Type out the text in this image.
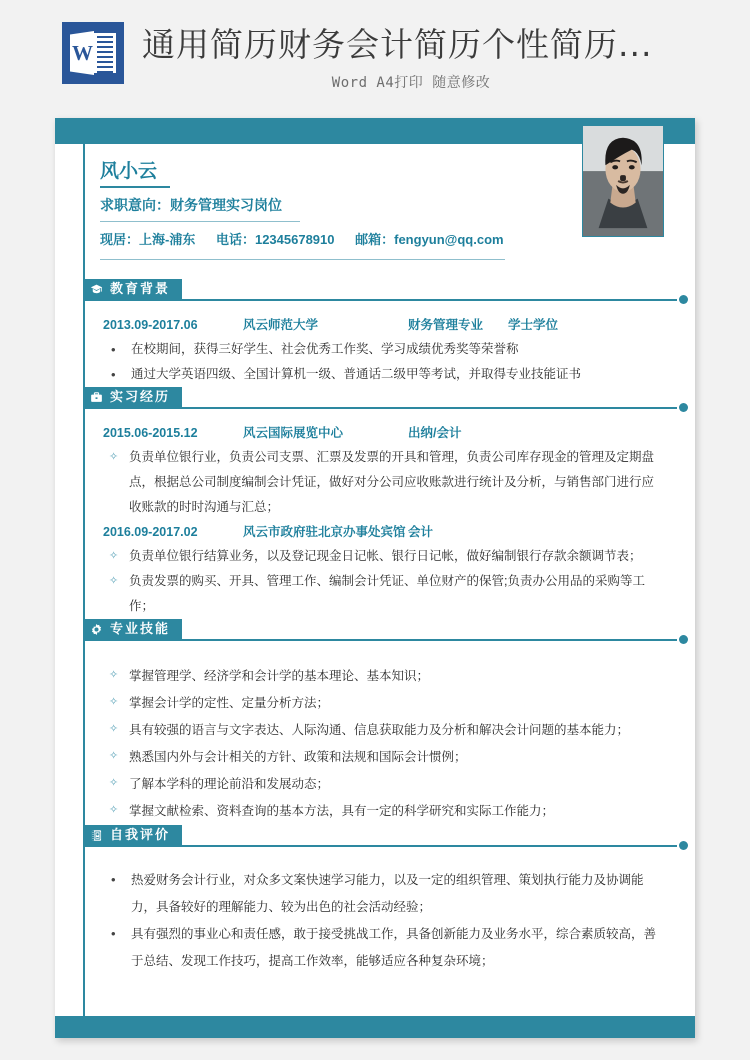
W 通用简历财务会计简历个性简历...
Word A4打印 随意修改
风小云
求职意向：财务管理实习岗位
现居：上海-浦东 电话：12345678910 邮箱：fengyun@qq.com
教育背景
2013.09-2017.06	风云师范大学	财务管理专业 学士学位
• 在校期间，获得三好学生、社会优秀工作奖、学习成绩优秀奖等荣誉称
• 通过大学英语四级、全国计算机一级、普通话二级甲等考试，并取得专业技能证书
实习经历
2015.06-2015.12	风云国际展览中心	出纳/会计
✧ 负责单位银行业，负责公司支票、汇票及发票的开具和管理，负责公司库存现金的管理及定期盘点，根据总公司制度编制会计凭证，做好对分公司应收账款进行统计及分析，与销售部门进行应收账款的时时沟通与汇总；
2016.09-2017.02	风云市政府驻北京办事处宾馆 会计
✧ 负责单位银行结算业务，以及登记现金日记帐、银行日记帐，做好编制银行存款余额调节表；
✧ 负责发票的购买、开具、管理工作、编制会计凭证、单位财产的保管;负责办公用品的采购等工作；
专业技能
✧ 掌握管理学、经济学和会计学的基本理论、基本知识；
✧ 掌握会计学的定性、定量分析方法；
✧ 具有较强的语言与文字表达、人际沟通、信息获取能力及分析和解决会计问题的基本能力；
✧ 熟悉国内外与会计相关的方针、政策和法规和国际会计惯例；
✧ 了解本学科的理论前沿和发展动态；
✧ 掌握文献检索、资料查询的基本方法，具有一定的科学研究和实际工作能力；
自我评价
• 热爱财务会计行业，对众多文案快速学习能力，以及一定的组织管理、策划执行能力及协调能力，具备较好的理解能力、较为出色的社会活动经验；
• 具有强烈的事业心和责任感，敢于接受挑战工作，具备创新能力及业务水平，综合素质较高，善于总结、发现工作技巧，提高工作效率，能够适应各种复杂环境；
